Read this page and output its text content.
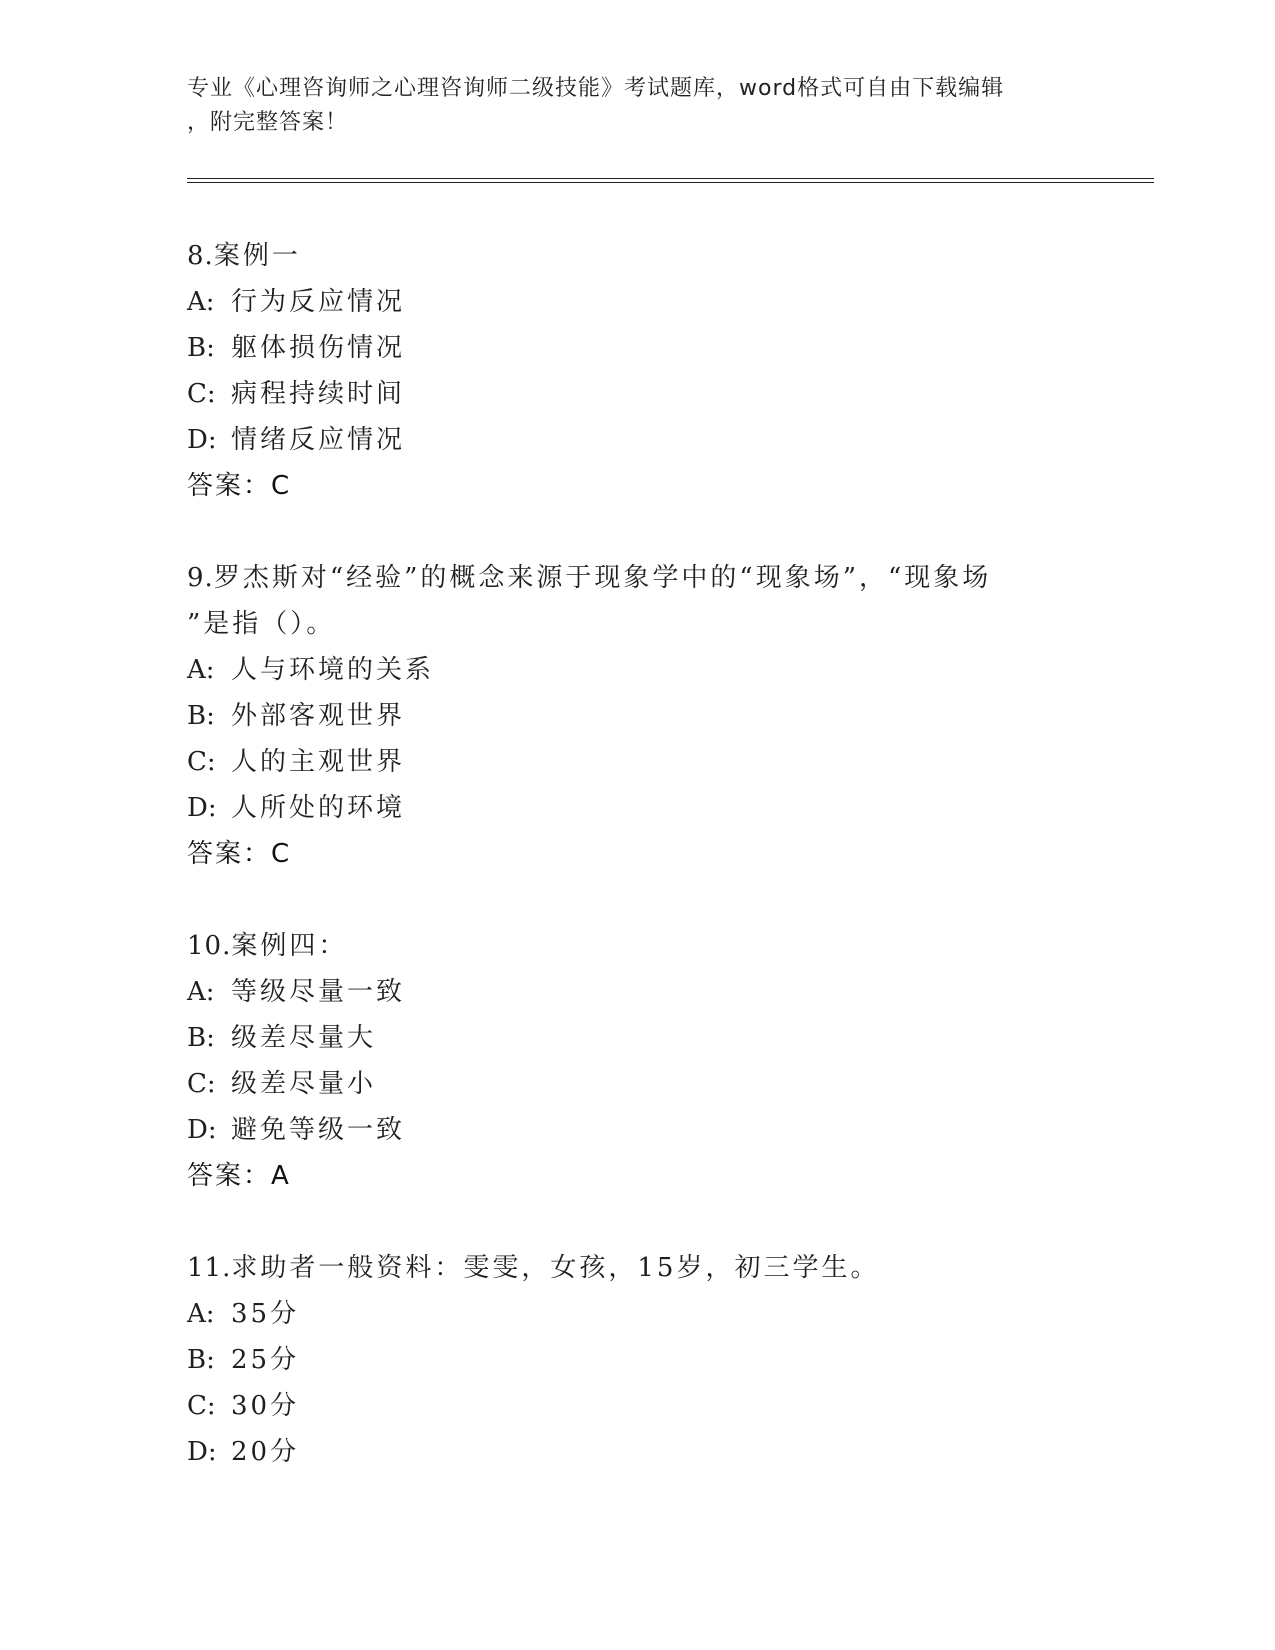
专业《心理咨询师之心理咨询师二级技能》考试题库，word格式可自由下载编辑
，附完整答案！

8.案例一

A: 行为反应情况
B: 躯体损伤情况
C: 病程持续时间
D: 情绪反应情况
答案：C

9.罗杰斯对“经验”的概念来源于现象学中的“现象场”，“现象场

”是指（）。

A: 人与环境的关系
B: 外部客观世界
C: 人的主观世界
D: 人所处的环境
答案：C

10.案例四：

A: 等级尽量一致
B: 级差尽量大
C: 级差尽量小
D: 避免等级一致
答案：A

11.求助者一般资料：雯雯，女孩，15岁，初三学生。

A: 35分
B: 25分
C: 30分
D: 20分
